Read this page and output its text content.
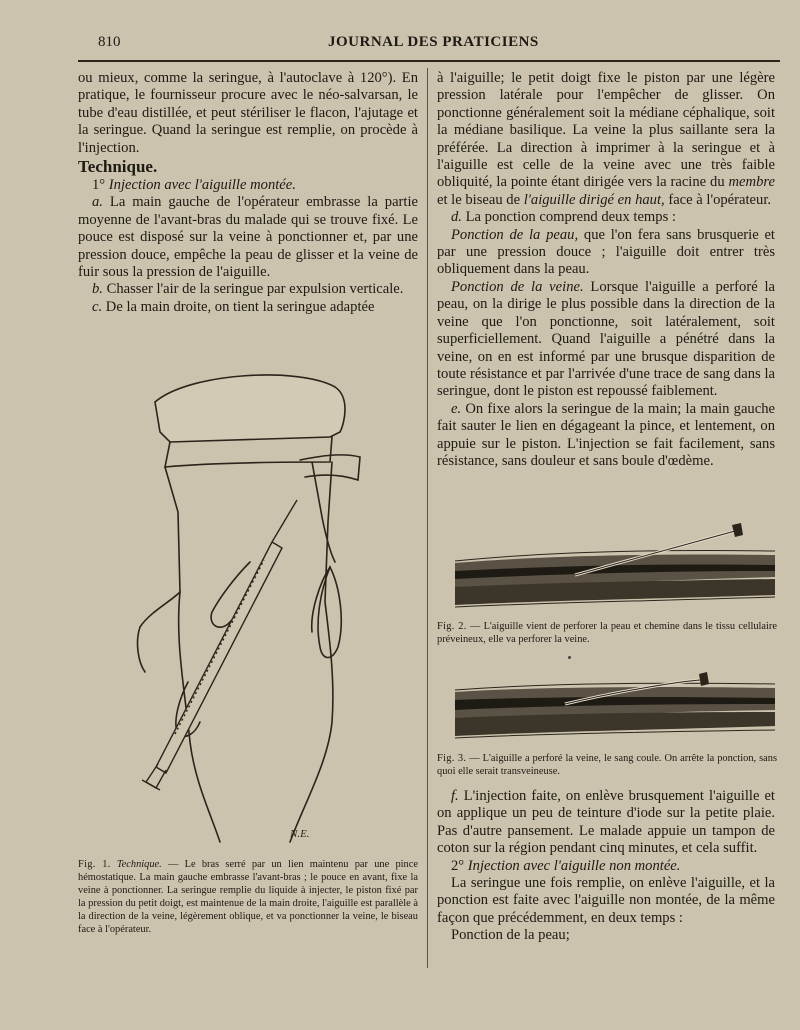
810	JOURNAL DES PRATICIENS

ou mieux, comme la seringue, à l'autoclave à 120°). En pratique, le fournisseur procure avec le néo-salvarsan, le tube d'eau distillée, et peut stériliser le flacon, l'ajutage et la seringue. Quand la seringue est remplie, on procède à l'injection.

Technique.

1° Injection avec l'aiguille montée.

a. La main gauche de l'opérateur embrasse la partie moyenne de l'avant-bras du malade qui se trouve fixé. Le pouce est disposé sur la veine à ponctionner et, par une pression douce, empêche la peau de glisser et la veine de fuir sous la pression de l'aiguille.

b. Chasser l'air de la seringue par expulsion verticale.

c. De la main droite, on tient la seringue adaptée

N.E.
Fig. 1. Technique. — Le bras serré par un lien maintenu par une pince hémostatique. La main gauche embrasse l'avant-bras ; le pouce en avant, fixe la veine à ponctionner. La seringue remplie du liquide à injecter, le piston fixé par la pression du petit doigt, est maintenue de la main droite, l'aiguille est parallèle à la direction de la veine, légèrement oblique, et va ponctionner la veine, le biseau face à l'opérateur.

à l'aiguille; le petit doigt fixe le piston par une légère pression latérale pour l'empêcher de glisser. On ponctionne généralement soit la médiane céphalique, soit la médiane basilique. La veine la plus saillante sera la préférée. La direction à imprimer à la seringue et à l'aiguille est celle de la veine avec une très faible obliquité, la pointe étant dirigée vers la racine du membre et le biseau de l'aiguille dirigé en haut, face à l'opérateur.

d. La ponction comprend deux temps :

Ponction de la peau, que l'on fera sans brusquerie et par une pression douce ; l'aiguille doit entrer très obliquement dans la peau.

Ponction de la veine. Lorsque l'aiguille a perforé la peau, on la dirige le plus possible dans la direction de la veine que l'on ponctionne, soit latéralement, soit superficiellement. Quand l'aiguille a pénétré dans la veine, on en est informé par une brusque disparition de toute résistance et par l'arrivée d'une trace de sang dans la seringue, dont le piston est repoussé faiblement.

e. On fixe alors la seringue de la main; la main gauche fait sauter le lien en dégageant la pince, et lentement, on appuie sur le piston. L'injection se fait facilement, sans résistance, sans douleur et sans boule d'œdème.

Fig. 2. — L'aiguille vient de perforer la peau et chemine dans le tissu cellulaire préveineux, elle va perforer la veine.
Fig. 3. — L'aiguille a perforé la veine, le sang coule. On arrête la ponction, sans quoi elle serait transveineuse.

f. L'injection faite, on enlève brusquement l'aiguille et on applique un peu de teinture d'iode sur la petite plaie. Pas d'autre pansement. Le malade appuie un tampon de coton sur la région pendant cinq minutes, et cela suffit.

2° Injection avec l'aiguille non montée.

La seringue une fois remplie, on enlève l'aiguille, et la ponction est faite avec l'aiguille non montée, de la même façon que précédemment, en deux temps :

Ponction de la peau;
